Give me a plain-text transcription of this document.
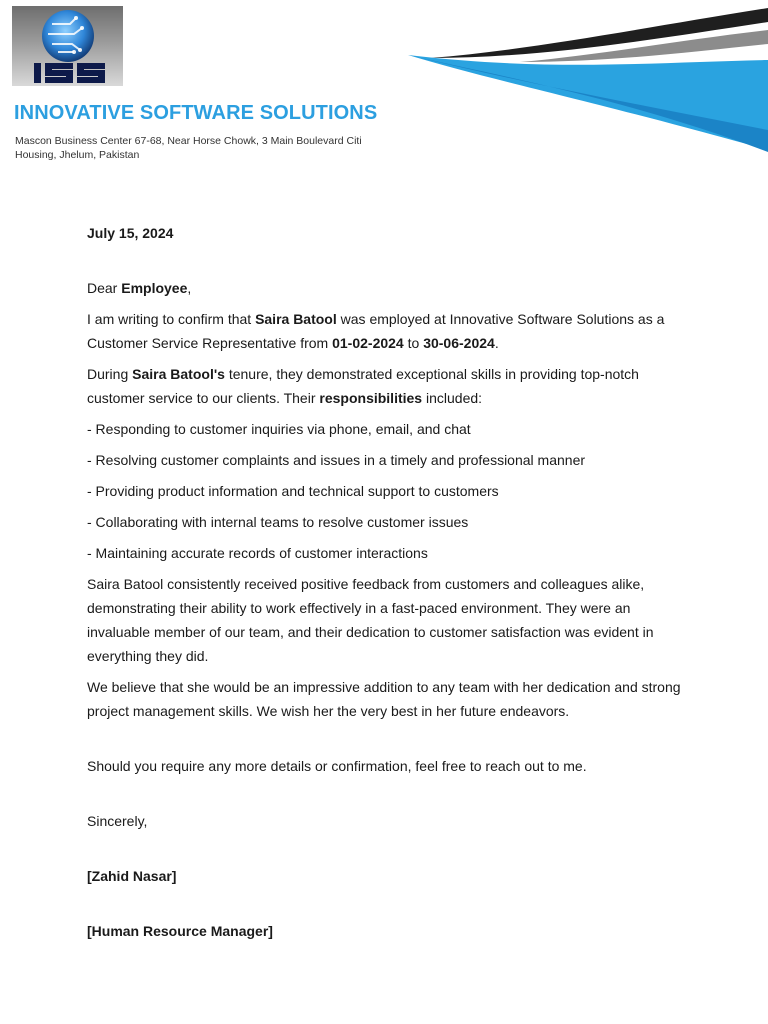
INNOVATIVE SOFTWARE SOLUTIONS
Mascon Business Center 67-68, Near Horse Chowk, 3 Main Boulevard Citi Housing, Jhelum, Pakistan

July 15, 2024

Dear Employee,

I am writing to confirm that Saira Batool was employed at Innovative Software Solutions as a Customer Service Representative from 01-02-2024 to 30-06-2024.

During Saira Batool's tenure, they demonstrated exceptional skills in providing top-notch customer service to our clients. Their responsibilities included:

- Responding to customer inquiries via phone, email, and chat

- Resolving customer complaints and issues in a timely and professional manner

- Providing product information and technical support to customers

- Collaborating with internal teams to resolve customer issues

- Maintaining accurate records of customer interactions

Saira Batool consistently received positive feedback from customers and colleagues alike, demonstrating their ability to work effectively in a fast-paced environment. They were an invaluable member of our team, and their dedication to customer satisfaction was evident in everything they did.

We believe that she would be an impressive addition to any team with her dedication and strong project management skills. We wish her the very best in her future endeavors.

Should you require any more details or confirmation, feel free to reach out to me.

Sincerely,

[Zahid Nasar]

[Human Resource Manager]
